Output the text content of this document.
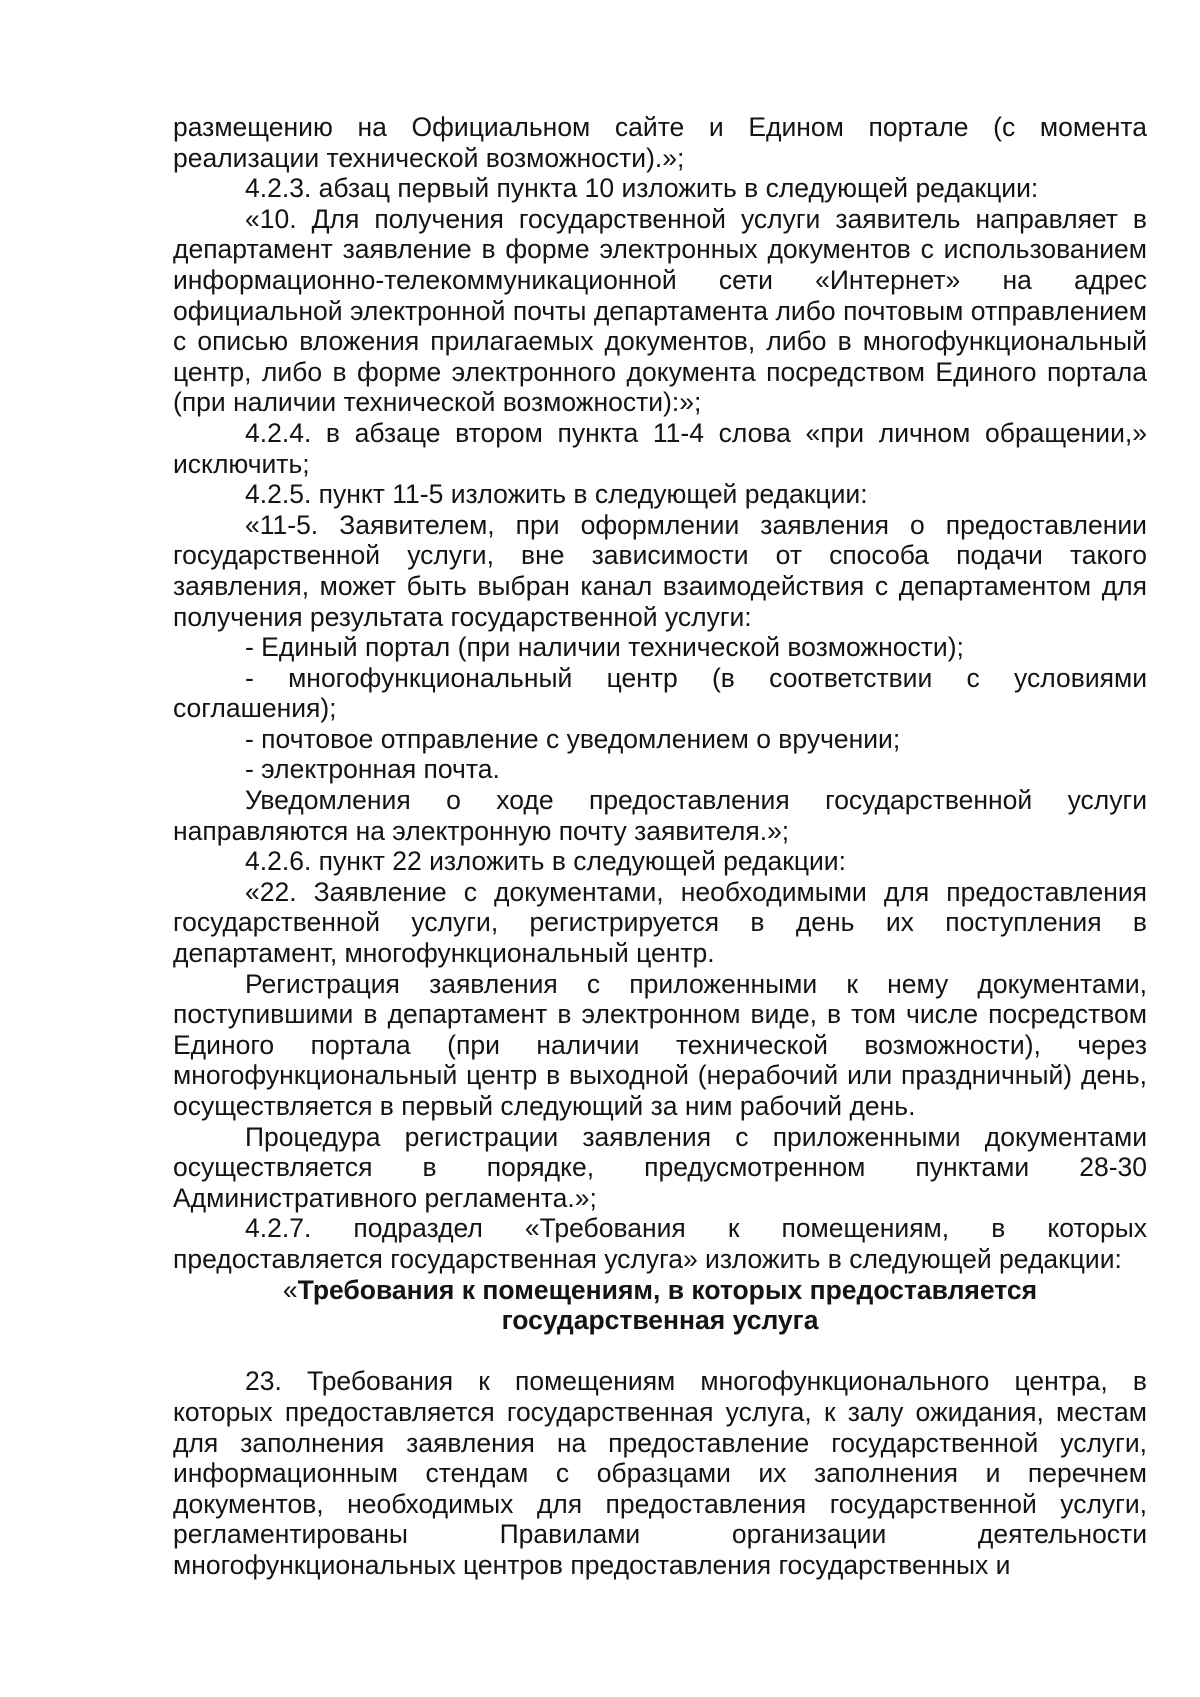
размещению на Официальном сайте и Едином портале (с момента реализации технической возможности).»;

4.2.3. абзац первый пункта 10 изложить в следующей редакции:

«10. Для получения государственной услуги заявитель направляет в департамент заявление в форме электронных документов с использованием информационно-телекоммуникационной сети «Интернет» на адрес официальной электронной почты департамента либо почтовым отправлением с описью вложения прилагаемых документов, либо в многофункциональный центр, либо в форме электронного документа посредством Единого портала (при наличии технической возможности):»;

4.2.4. в абзаце втором пункта 11-4 слова «при личном обращении,» исключить;

4.2.5. пункт 11-5 изложить в следующей редакции:

«11-5. Заявителем, при оформлении заявления о предоставлении государственной услуги, вне зависимости от способа подачи такого заявления, может быть выбран канал взаимодействия с департаментом для получения результата государственной услуги:

- Единый портал (при наличии технической возможности);

- многофункциональный центр (в соответствии с условиями соглашения);

- почтовое отправление с уведомлением о вручении;

- электронная почта.

Уведомления о ходе предоставления государственной услуги направляются на электронную почту заявителя.»;

4.2.6. пункт 22 изложить в следующей редакции:

«22. Заявление с документами, необходимыми для предоставления государственной услуги, регистрируется в день их поступления в департамент, многофункциональный центр.

Регистрация заявления с приложенными к нему документами, поступившими в департамент в электронном виде, в том числе посредством Единого портала (при наличии технической возможности), через многофункциональный центр в выходной (нерабочий или праздничный) день, осуществляется в первый следующий за ним рабочий день.

Процедура регистрации заявления с приложенными документами осуществляется в порядке, предусмотренном пунктами 28-30 Административного регламента.»;

4.2.7. подраздел «Требования к помещениям, в которых предоставляется государственная услуга» изложить в следующей редакции:

«Требования к помещениям, в которых предоставляется
государственная услуга

23. Требования к помещениям многофункционального центра, в которых предоставляется государственная услуга, к залу ожидания, местам для заполнения заявления на предоставление государственной услуги, информационным стендам с образцами их заполнения и перечнем документов, необходимых для предоставления государственной услуги, регламентированы Правилами организации деятельности многофункциональных центров предоставления государственных и
